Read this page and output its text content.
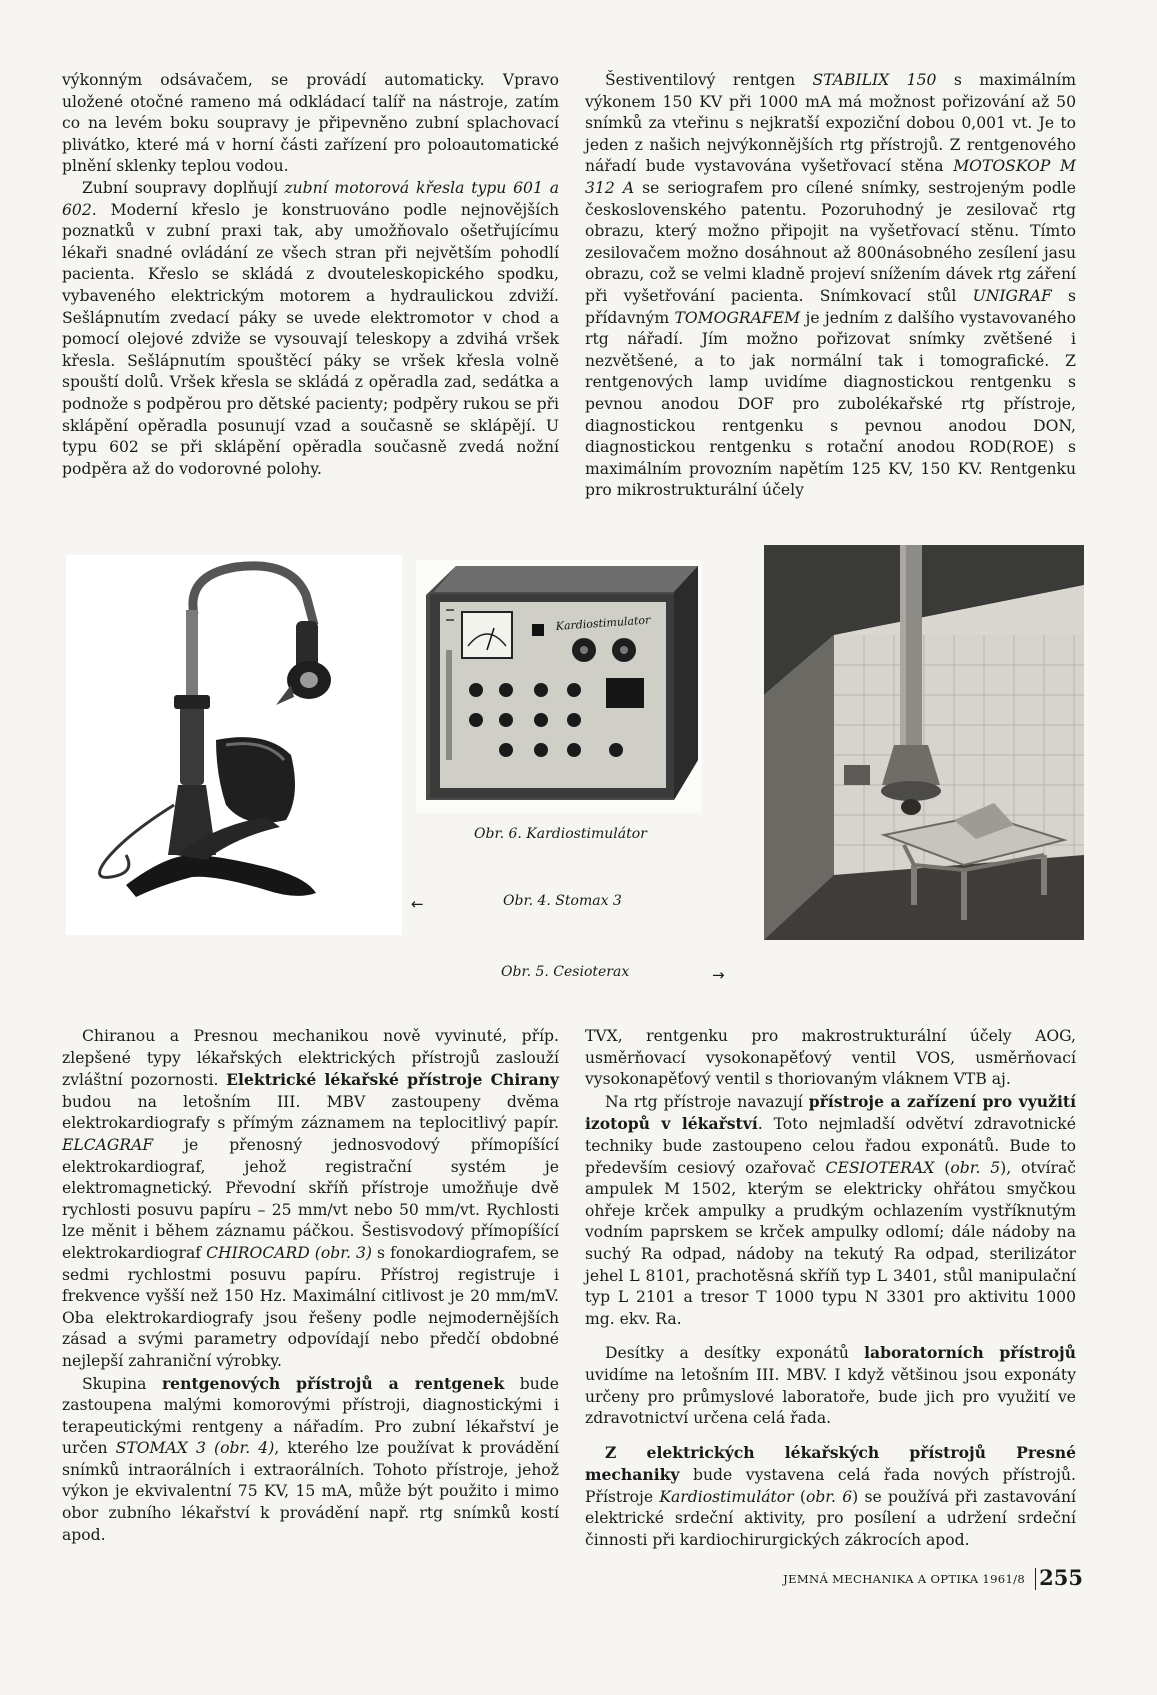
výkonným odsávačem, se provádí automaticky. Vpravo uložené otočné rameno má odkládací talíř na nástroje, zatím co na levém boku soupravy je připevněno zubní splachovací plivátko, které má v horní části zařízení pro poloautomatické plnění sklenky teplou vodou.

Zubní soupravy doplňují zubní motorová křesla typu 601 a 602. Moderní křeslo je konstruováno podle nejnovějších poznatků v zubní praxi tak, aby umožňovalo ošetřujícímu lékaři snadné ovládání ze všech stran při největším pohodlí pacienta. Křeslo se skládá z dvouteleskopického spodku, vybaveného elektrickým motorem a hydraulickou zdviží. Sešlápnutím zvedací páky se uvede elektromotor v chod a pomocí olejové zdviže se vysouvají teleskopy a zdvihá vršek křesla. Sešlápnutím spouštěcí páky se vršek křesla volně spouští dolů. Vršek křesla se skládá z opěradla zad, sedátka a podnože s podpěrou pro dětské pacienty; podpěry rukou se při sklápění opěradla posunují vzad a současně se sklápějí. U typu 602 se při sklápění opěradla současně zvedá nožní podpěra až do vodorovné polohy.

Šestiventilový rentgen STABILIX 150 s maximálním výkonem 150 KV při 1000 mA má možnost pořizování až 50 snímků za vteřinu s nejkratší expoziční dobou 0,001 vt. Je to jeden z našich nejvýkonnějších rtg přístrojů. Z rentgenového nářadí bude vystavována vyšetřovací stěna MOTOSKOP M 312 A se seriografem pro cílené snímky, sestrojeným podle československého patentu. Pozoruhodný je zesilovač rtg obrazu, který možno připojit na vyšetřovací stěnu. Tímto zesilovačem možno dosáhnout až 800násobného zesílení jasu obrazu, což se velmi kladně projeví snížením dávek rtg záření při vyšetřování pacienta. Snímkovací stůl UNIGRAF s přídavným TOMOGRAFEM je jedním z dalšího vystavovaného rtg nářadí. Jím možno pořizovat snímky zvětšené i nezvětšené, a to jak normální tak i tomografické. Z rentgenových lamp uvidíme diagnostickou rentgenku s pevnou anodou DOF pro zubolékařské rtg přístroje, diagnostickou rentgenku s pevnou anodou DON, diagnostickou rentgenku s rotační anodou ROD(ROE) s maximálním provozním napětím 125 KV, 150 KV. Rentgenku pro mikrostrukturální účely

Kardiostimulator
Obr. 6. Kardiostimulátor
←	Obr. 4. Stomax 3
Obr. 5. Cesioterax	→

Chiranou a Presnou mechanikou nově vyvinuté, příp. zlepšené typy lékařských elektrických přístrojů zaslouží zvláštní pozornosti. Elektrické lékařské přístroje Chirany budou na letošním III. MBV zastoupeny dvěma elektrokardiografy s přímým záznamem na teplocitlivý papír. ELCAGRAF je přenosný jednosvodový přímopíšící elektrokardiograf, jehož registrační systém je elektromagnetický. Převodní skříň přístroje umožňuje dvě rychlosti posuvu papíru – 25 mm/vt nebo 50 mm/vt. Rychlosti lze měnit i během záznamu páčkou. Šestisvodový přímopíšící elektrokardiograf CHIROCARD (obr. 3) s fonokardiografem, se sedmi rychlostmi posuvu papíru. Přístroj registruje i frekvence vyšší než 150 Hz. Maximální citlivost je 20 mm/mV. Oba elektrokardiografy jsou řešeny podle nejmodernějších zásad a svými parametry odpovídají nebo předčí obdobné nejlepší zahraniční výrobky.

Skupina rentgenových přístrojů a rentgenek bude zastoupena malými komorovými přístroji, diagnostickými i terapeutickými rentgeny a nářadím. Pro zubní lékařství je určen STOMAX 3 (obr. 4), kterého lze používat k provádění snímků intraorálních i extraorálních. Tohoto přístroje, jehož výkon je ekvivalentní 75 KV, 15 mA, může být použito i mimo obor zubního lékařství k provádění např. rtg snímků kostí apod.

TVX, rentgenku pro makrostrukturální účely AOG, usměrňovací vysokonapěťový ventil VOS, usměrňovací vysokonapěťový ventil s thoriovaným vláknem VTB aj.

Na rtg přístroje navazují přístroje a zařízení pro využití izotopů v lékařství. Toto nejmladší odvětví zdravotnické techniky bude zastoupeno celou řadou exponátů. Bude to především cesiový ozařovač CESIOTERAX (obr. 5), otvírač ampulek M 1502, kterým se elektricky ohřátou smyčkou ohřeje krček ampulky a prudkým ochlazením vystříknutým vodním paprskem se krček ampulky odlomí; dále nádoby na suchý Ra odpad, nádoby na tekutý Ra odpad, sterilizátor jehel L 8101, prachotěsná skříň typ L 3401, stůl manipulační typ L 2101 a tresor T 1000 typu N 3301 pro aktivitu 1000 mg. ekv. Ra.

Desítky a desítky exponátů laboratorních přístrojů uvidíme na letošním III. MBV. I když většinou jsou exponáty určeny pro průmyslové laboratoře, bude jich pro využití ve zdravotnictví určena celá řada.

Z elektrických lékařských přístrojů Presné mechaniky bude vystavena celá řada nových přístrojů. Přístroje Kardiostimulátor (obr. 6) se používá při zastavování elektrické srdeční aktivity, pro posílení a udržení srdeční činnosti při kardiochirurgických zákrocích apod.

JEMNÁ MECHANIKA A OPTIKA 1961/8 255
